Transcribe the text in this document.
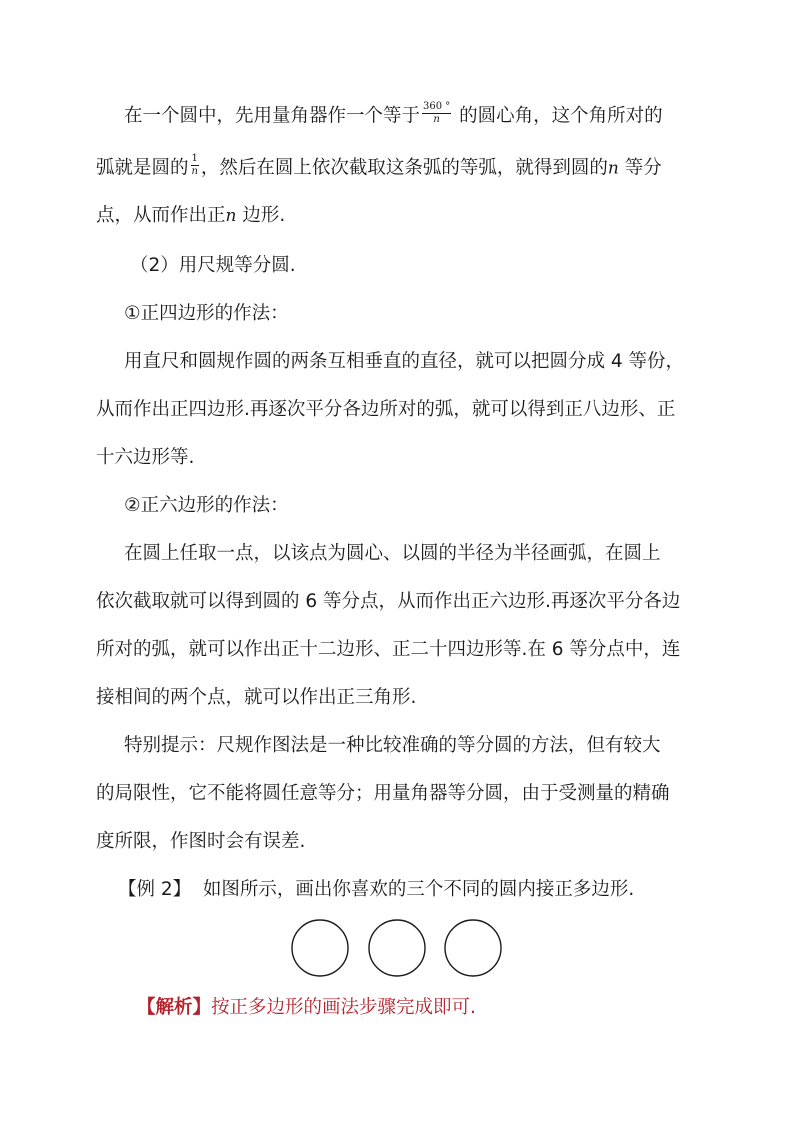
在一个圆中，先用量角器作一个等于 $\frac{360 ^\circ}{n}$ 的圆心角，这个角所对的
弧就是圆的 $\frac{1}{n}$ ，然后在圆上依次截取这条弧的等弧，就得到圆的n 等分
点，从而作出正n 边形.
（2）用尺规等分圆.
①正四边形的作法：
用直尺和圆规作圆的两条互相垂直的直径，就可以把圆分成 4 等份，
从而作出正四边形.再逐次平分各边所对的弧，就可以得到正八边形、正
十六边形等.
②正六边形的作法：
在圆上任取一点，以该点为圆心、以圆的半径为半径画弧，在圆上
依次截取就可以得到圆的 6 等分点，从而作出正六边形.再逐次平分各边
所对的弧，就可以作出正十二边形、正二十四边形等.在 6 等分点中，连
接相间的两个点，就可以作出正三角形.
特别提示：尺规作图法是一种比较准确的等分圆的方法，但有较大
的局限性，它不能将圆任意等分；用量角器等分圆，由于受测量的精确
度所限，作图时会有误差.
【例 2】  如图所示，画出你喜欢的三个不同的圆内接正多边形.
【解析】按正多边形的画法步骤完成即可.
